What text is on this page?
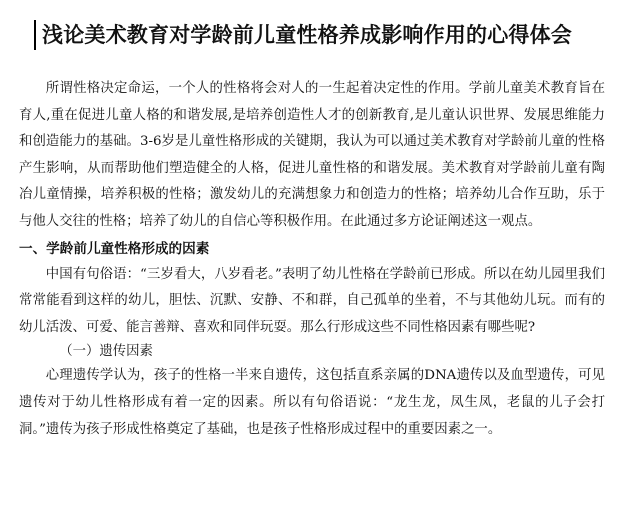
浅论美术教育对学龄前儿童性格养成影响作用的心得体会

所谓性格决定命运，一个人的性格将会对人的一生起着决定性的作用。学前儿童美术教育旨在育人,重在促进儿童人格的和谐发展,是培养创造性人才的创新教育,是儿童认识世界、发展思维能力和创造能力的基础。3-6岁是儿童性格形成的关键期，我认为可以通过美术教育对学龄前儿童的性格产生影响，从而帮助他们塑造健全的人格，促进儿童性格的和谐发展。美术教育对学龄前儿童有陶冶儿童情操，培养积极的性格；激发幼儿的充满想象力和创造力的性格；培养幼儿合作互助，乐于与他人交往的性格；培养了幼儿的自信心等积极作用。在此通过多方论证阐述这一观点。

一、学龄前儿童性格形成的因素

中国有句俗语：“三岁看大，八岁看老。”表明了幼儿性格在学龄前已形成。所以在幼儿园里我们常常能看到这样的幼儿，胆怯、沉默、安静、不和群，自己孤单的坐着，不与其他幼儿玩。而有的幼儿活泼、可爱、能言善辩、喜欢和同伴玩耍。那么行形成这些不同性格因素有哪些呢?

（一）遗传因素

心理遗传学认为，孩子的性格一半来自遗传，这包括直系亲属的DNA遗传以及血型遗传，可见遗传对于幼儿性格形成有着一定的因素。所以有句俗语说：“龙生龙，凤生凤，老鼠的儿子会打洞。”遗传为孩子形成性格奠定了基础，也是孩子性格形成过程中的重要因素之一。
